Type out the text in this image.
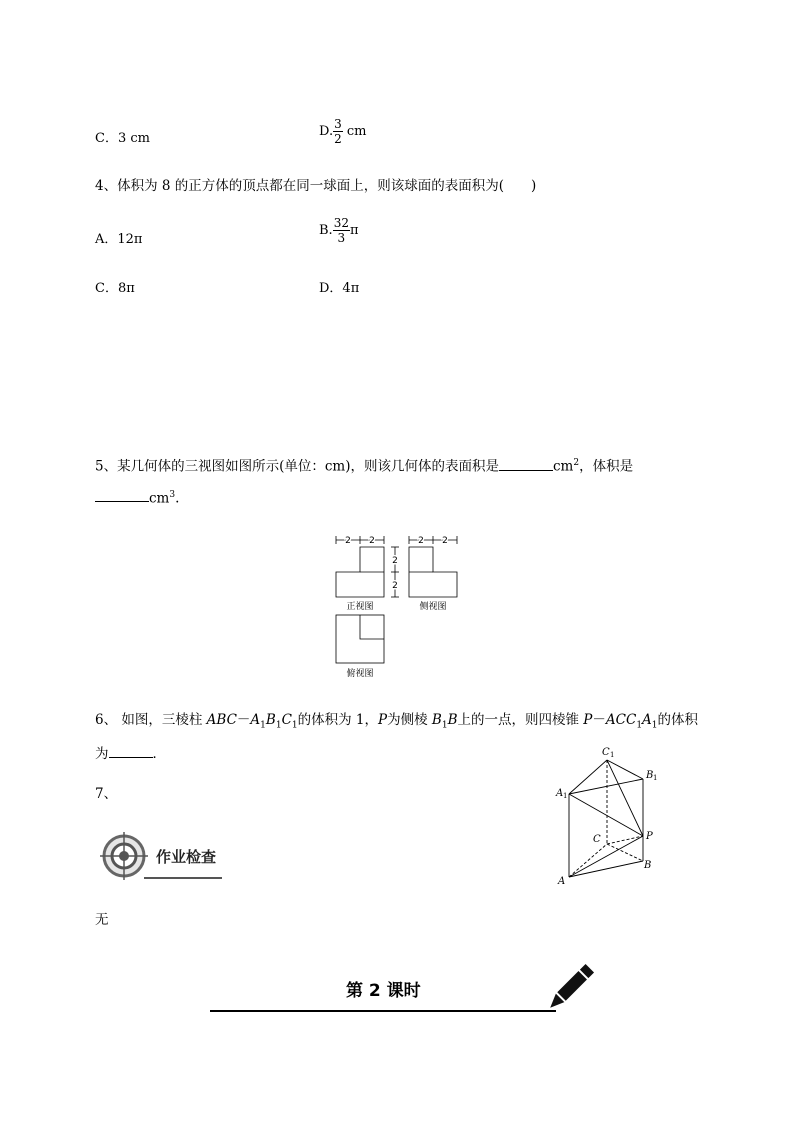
C．3 cm	D. $\frac{3}{2}$ cm
4、体积为 8 的正方体的顶点都在同一球面上，则该球面的表面积为(　　)
A．12π
B. $\frac{32}{3}$ π
C．8π	D．4π
5、某几何体的三视图如图所示(单位：cm)，则该几何体的表面积是	$cm^2$，体积是
$cm^3$.
2 2	2 2
2
2
正视图	侧视图
俯视图
6、 如图，三棱柱 $ABC-A_1B_1C_1$的体积为 1，P为侧棱 $B_1B$上的一点，则四棱锥 $P-ACC_1A_1$的体积
为	．	C 1
B 1
A 1
C	P
A
B
7、
作业检查
无
第 2 课时
